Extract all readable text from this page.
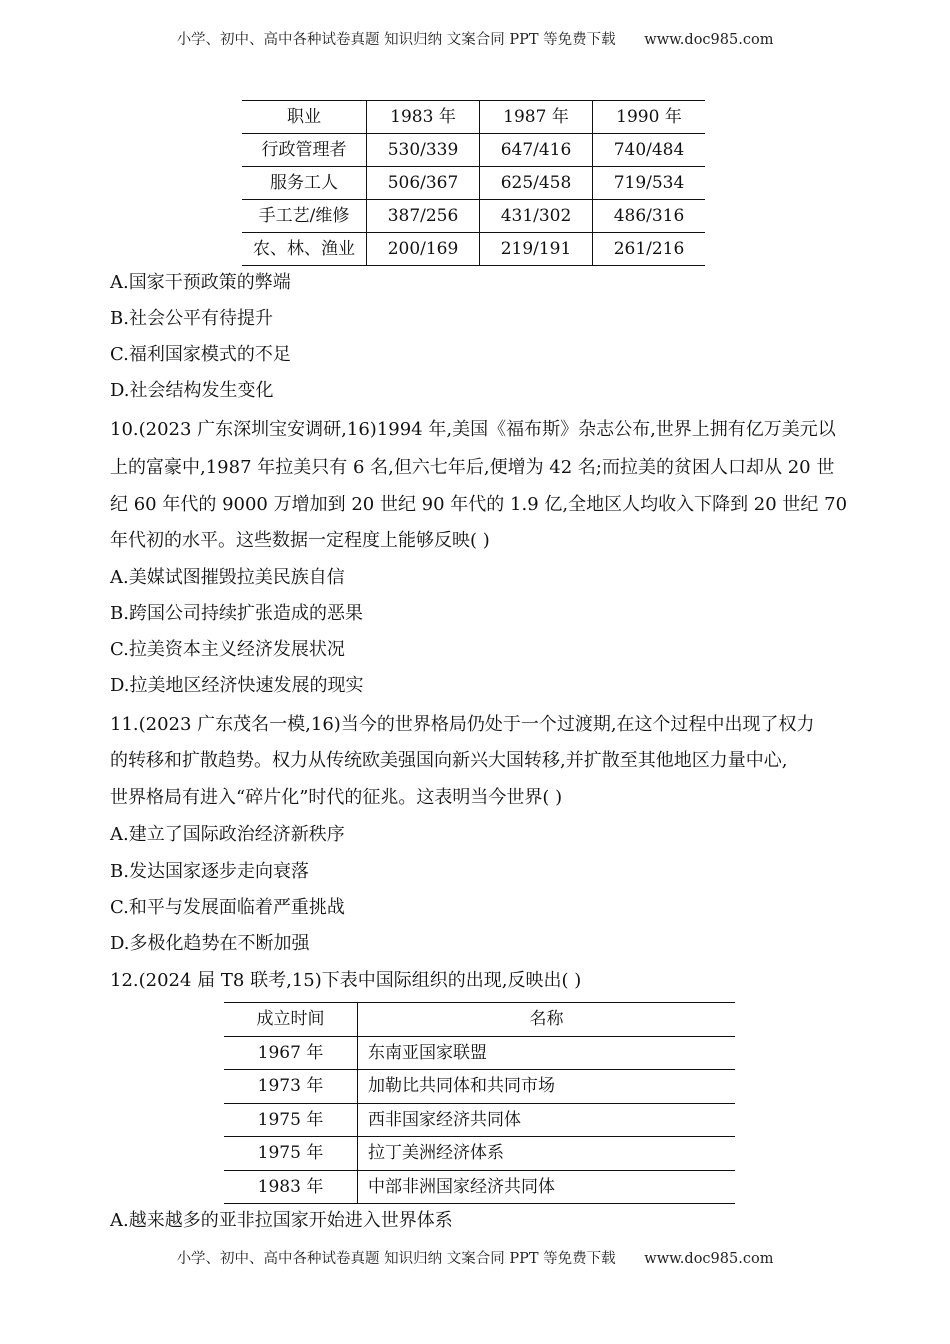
小学、初中、高中各种试卷真题 知识归纳 文案合同 PPT 等免费下载 www.doc985.com
职业	1983 年	1987 年	1990 年
行政管理者	530/339	647/416	740/484
服务工人	506/367	625/458	719/534
手工艺/维修	387/256	431/302	486/316
农、林、渔业	200/169	219/191	261/216
A.国家干预政策的弊端
B.社会公平有待提升
C.福利国家模式的不足
D.社会结构发生变化
10.(2023 广东深圳宝安调研,16)1994 年,美国《福布斯》杂志公布,世界上拥有亿万美元以
上的富豪中,1987 年拉美只有 6 名,但六七年后,便增为 42 名;而拉美的贫困人口却从 20 世
纪 60 年代的 9000 万增加到 20 世纪 90 年代的 1.9 亿,全地区人均收入下降到 20 世纪 70
年代初的水平。这些数据一定程度上能够反映( )
A.美媒试图摧毁拉美民族自信
B.跨国公司持续扩张造成的恶果
C.拉美资本主义经济发展状况
D.拉美地区经济快速发展的现实
11.(2023 广东茂名一模,16)当今的世界格局仍处于一个过渡期,在这个过程中出现了权力
的转移和扩散趋势。权力从传统欧美强国向新兴大国转移,并扩散至其他地区力量中心,
世界格局有进入“碎片化”时代的征兆。这表明当今世界( )
A.建立了国际政治经济新秩序
B.发达国家逐步走向衰落
C.和平与发展面临着严重挑战
D.多极化趋势在不断加强
12.(2024 届 T8 联考,15)下表中国际组织的出现,反映出( )
成立时间	名称
1967 年	东南亚国家联盟
1973 年	加勒比共同体和共同市场
1975 年	西非国家经济共同体
1975 年	拉丁美洲经济体系
1983 年	中部非洲国家经济共同体
A.越来越多的亚非拉国家开始进入世界体系
小学、初中、高中各种试卷真题 知识归纳 文案合同 PPT 等免费下载 www.doc985.com
